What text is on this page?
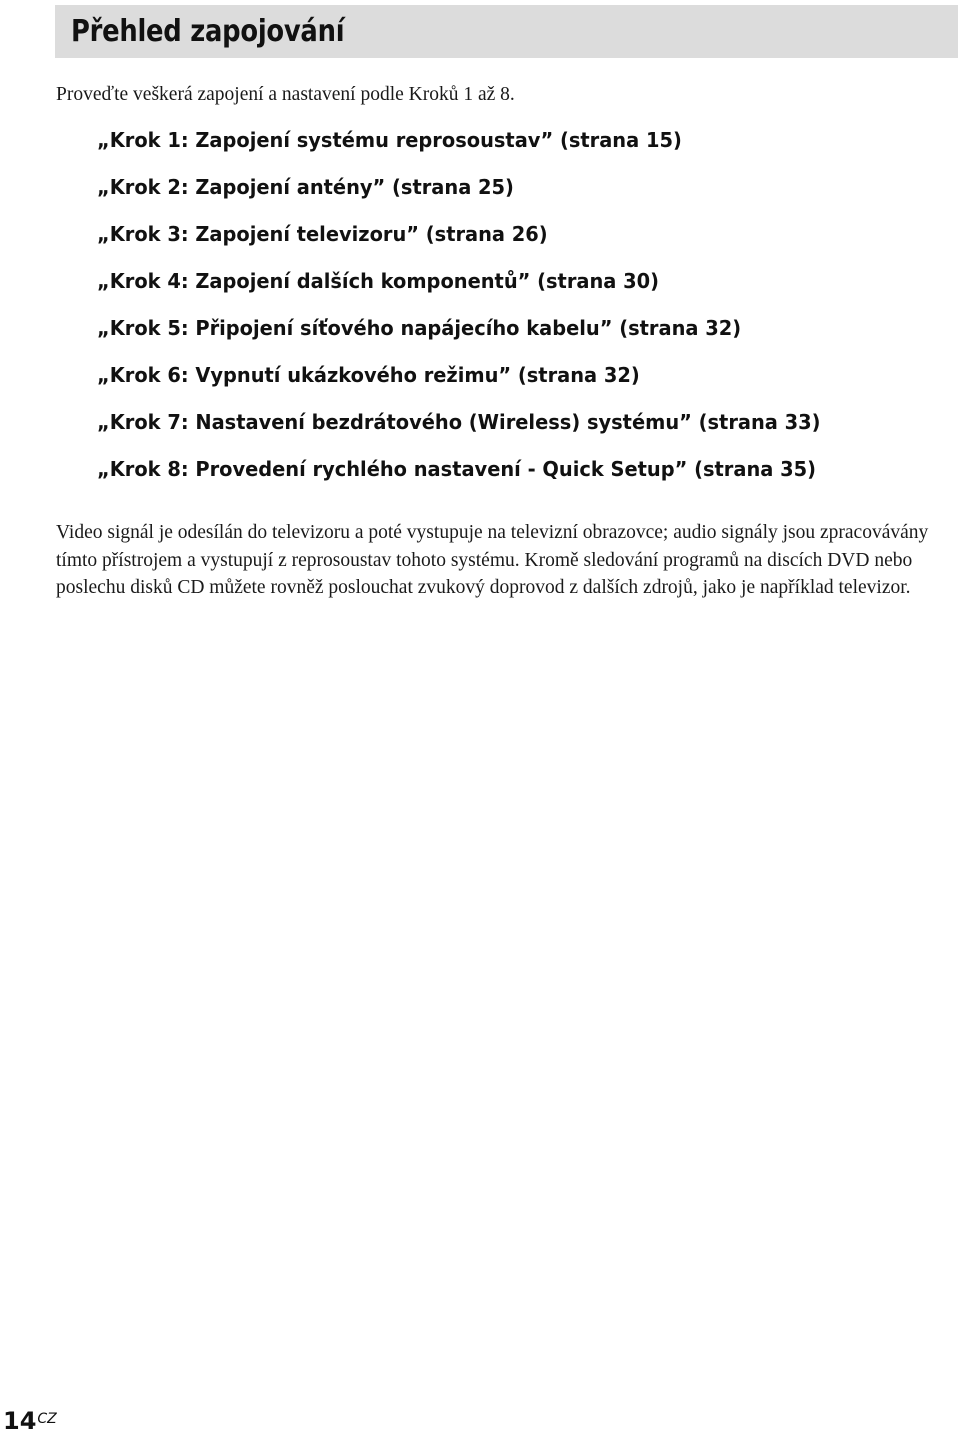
Přehled zapojování
Proveďte veškerá zapojení a nastavení podle Kroků 1 až 8.
„Krok 1: Zapojení systému reprosoustav” (strana 15)
„Krok 2: Zapojení antény” (strana 25)
„Krok 3: Zapojení televizoru” (strana 26)
„Krok 4: Zapojení dalších komponentů” (strana 30)
„Krok 5: Připojení síťového napájecího kabelu” (strana 32)
„Krok 6: Vypnutí ukázkového režimu” (strana 32)
„Krok 7: Nastavení bezdrátového (Wireless) systému” (strana 33)
„Krok 8: Provedení rychlého nastavení - Quick Setup” (strana 35)

Video signál je odesílán do televizoru a poté vystupuje na televizní obrazovce; audio signály jsou zpracovávány tímto přístrojem a vystupují z reprosoustav tohoto systému. Kromě sledování programů na discích DVD nebo poslechu disků CD můžete rovněž poslouchat zvukový doprovod z dalších zdrojů, jako je například televizor.

14CZ
